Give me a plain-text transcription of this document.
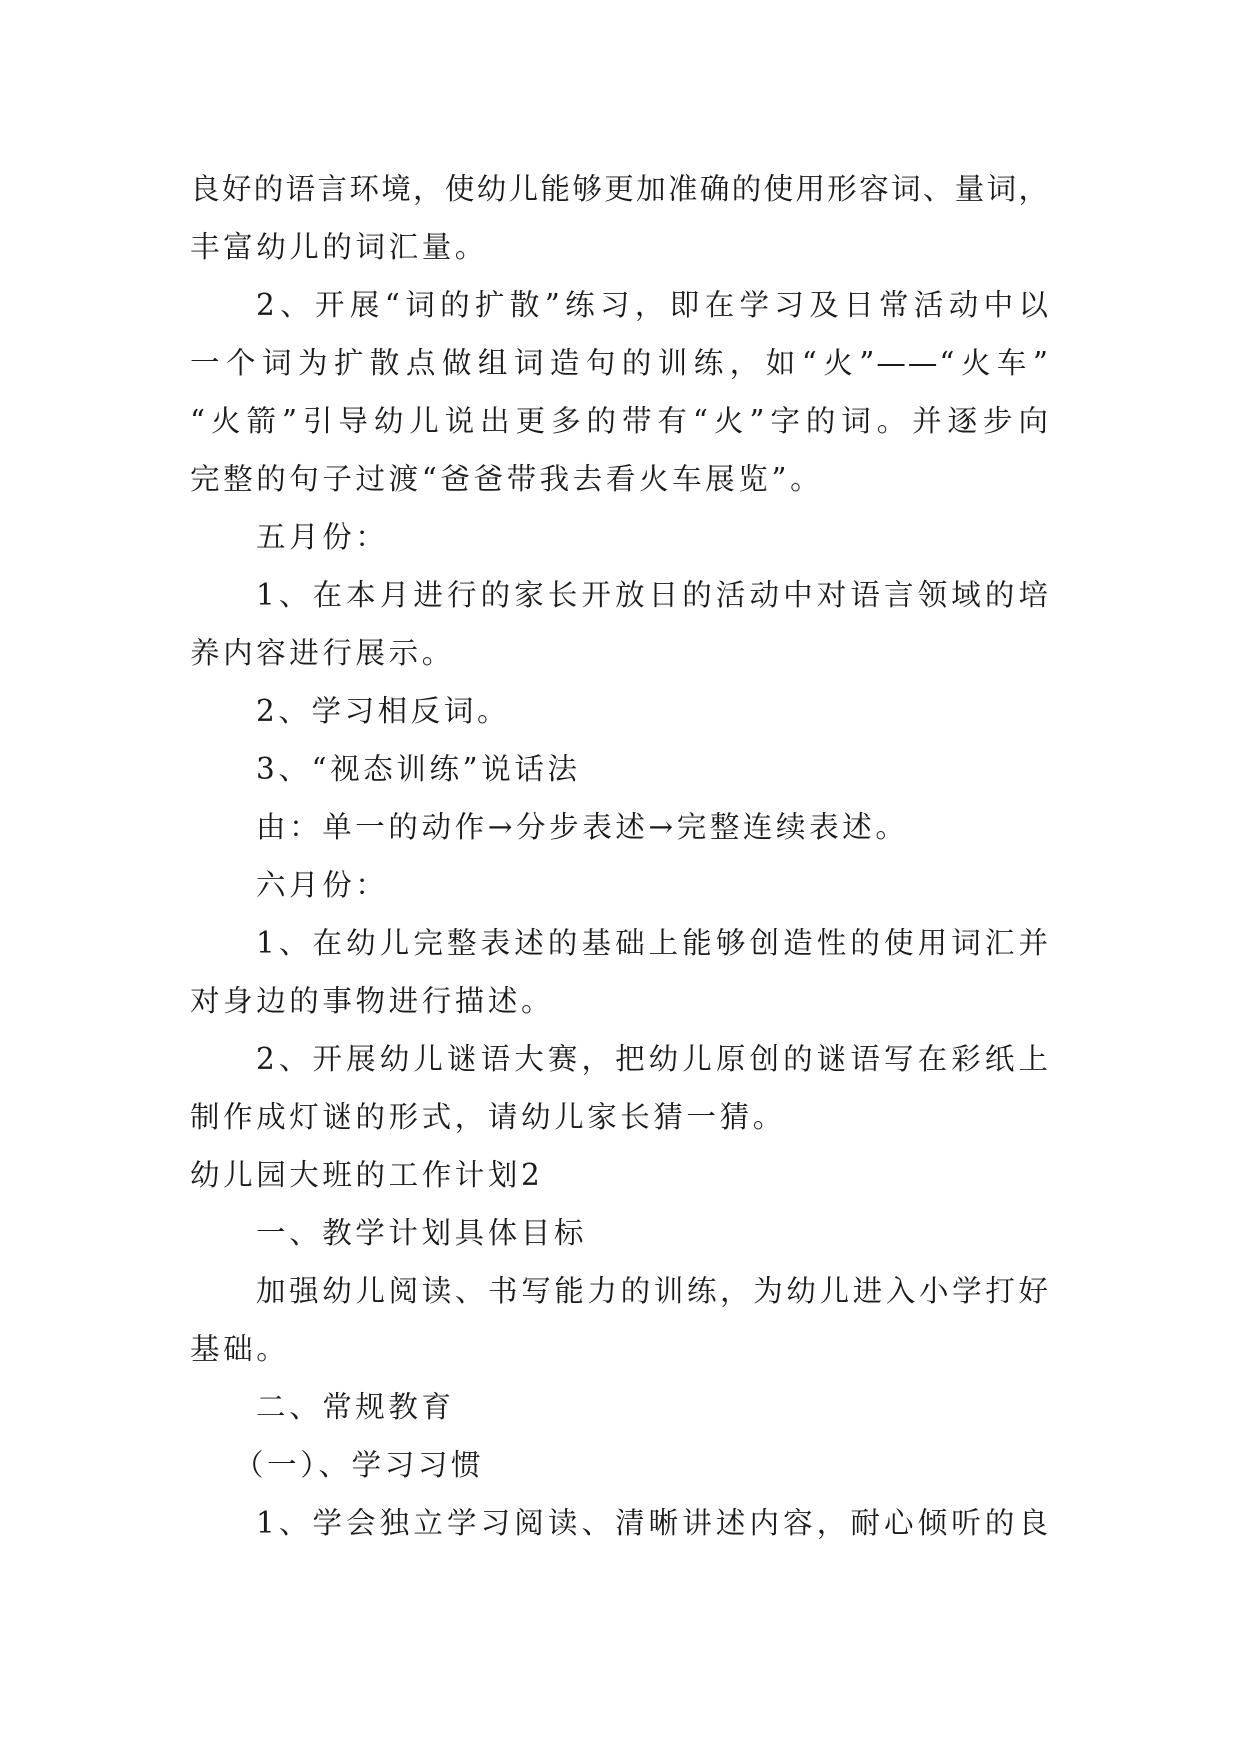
良好的语言环境，使幼儿能够更加准确的使用形容词、量词，

丰富幼儿的词汇量。

2、开展“词的扩散”练习，即在学习及日常活动中以

一个词为扩散点做组词造句的训练，如“火”——“火车”

“火箭”引导幼儿说出更多的带有“火”字的词。并逐步向

完整的句子过渡“爸爸带我去看火车展览”。

五月份：

1、在本月进行的家长开放日的活动中对语言领域的培

养内容进行展示。

2、学习相反词。

3、“视态训练”说话法

由：单一的动作→分步表述→完整连续表述。

六月份：

1、在幼儿完整表述的基础上能够创造性的使用词汇并

对身边的事物进行描述。

2、开展幼儿谜语大赛，把幼儿原创的谜语写在彩纸上

制作成灯谜的形式，请幼儿家长猜一猜。

幼儿园大班的工作计划2

一、教学计划具体目标

加强幼儿阅读、书写能力的训练，为幼儿进入小学打好

基础。

二、常规教育

（一）、学习习惯

1、学会独立学习阅读、清晰讲述内容，耐心倾听的良
